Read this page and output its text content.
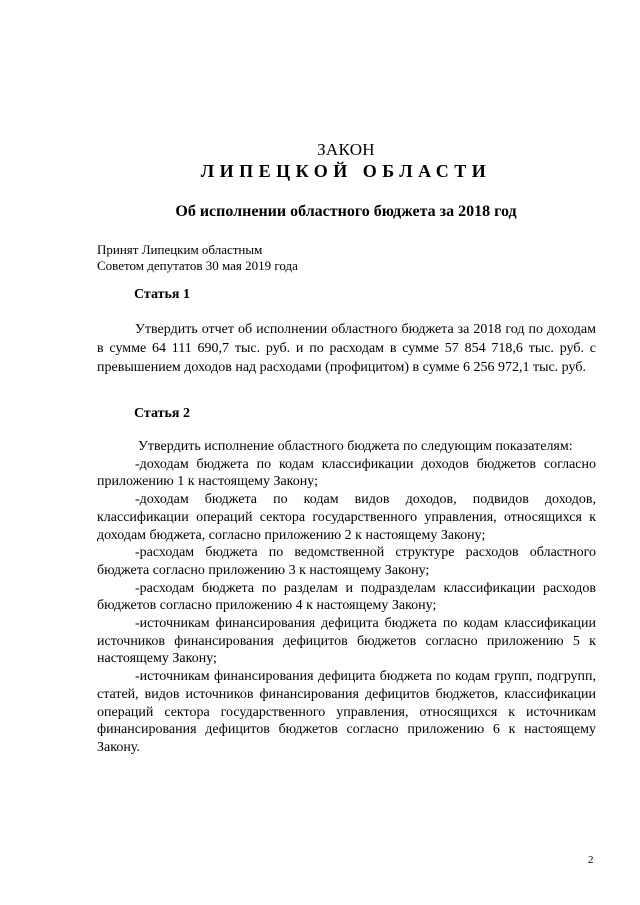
ЗАКОН
ЛИПЕЦКОЙ ОБЛАСТИ
Об исполнении областного бюджета за 2018 год
Принят Липецким областным
Советом депутатов 30 мая 2019 года
Статья 1

Утвердить отчет об исполнении областного бюджета за 2018 год по доходам в сумме 64 111 690,7 тыс. руб. и по расходам в сумме 57 854 718,6 тыс. руб. с превышением доходов над расходами (профицитом) в сумме 6 256 972,1 тыс. руб.

Статья 2

Утвердить исполнение областного бюджета по следующим показателям:

-доходам бюджета по кодам классификации доходов бюджетов согласно приложению 1 к настоящему Закону;

-доходам бюджета по кодам видов доходов, подвидов доходов, классификации операций сектора государственного управления, относящихся к доходам бюджета, согласно приложению 2 к настоящему Закону;

-расходам бюджета по ведомственной структуре расходов областного бюджета согласно приложению 3 к настоящему Закону;

-расходам бюджета по разделам и подразделам классификации расходов бюджетов согласно приложению 4 к настоящему Закону;

-источникам финансирования дефицита бюджета по кодам классификации источников финансирования дефицитов бюджетов согласно приложению 5 к настоящему Закону;

-источникам финансирования дефицита бюджета по кодам групп, подгрупп, статей, видов источников финансирования дефицитов бюджетов, классификации операций сектора государственного управления, относящихся к источникам финансирования дефицитов бюджетов согласно приложению 6 к настоящему Закону.

2
